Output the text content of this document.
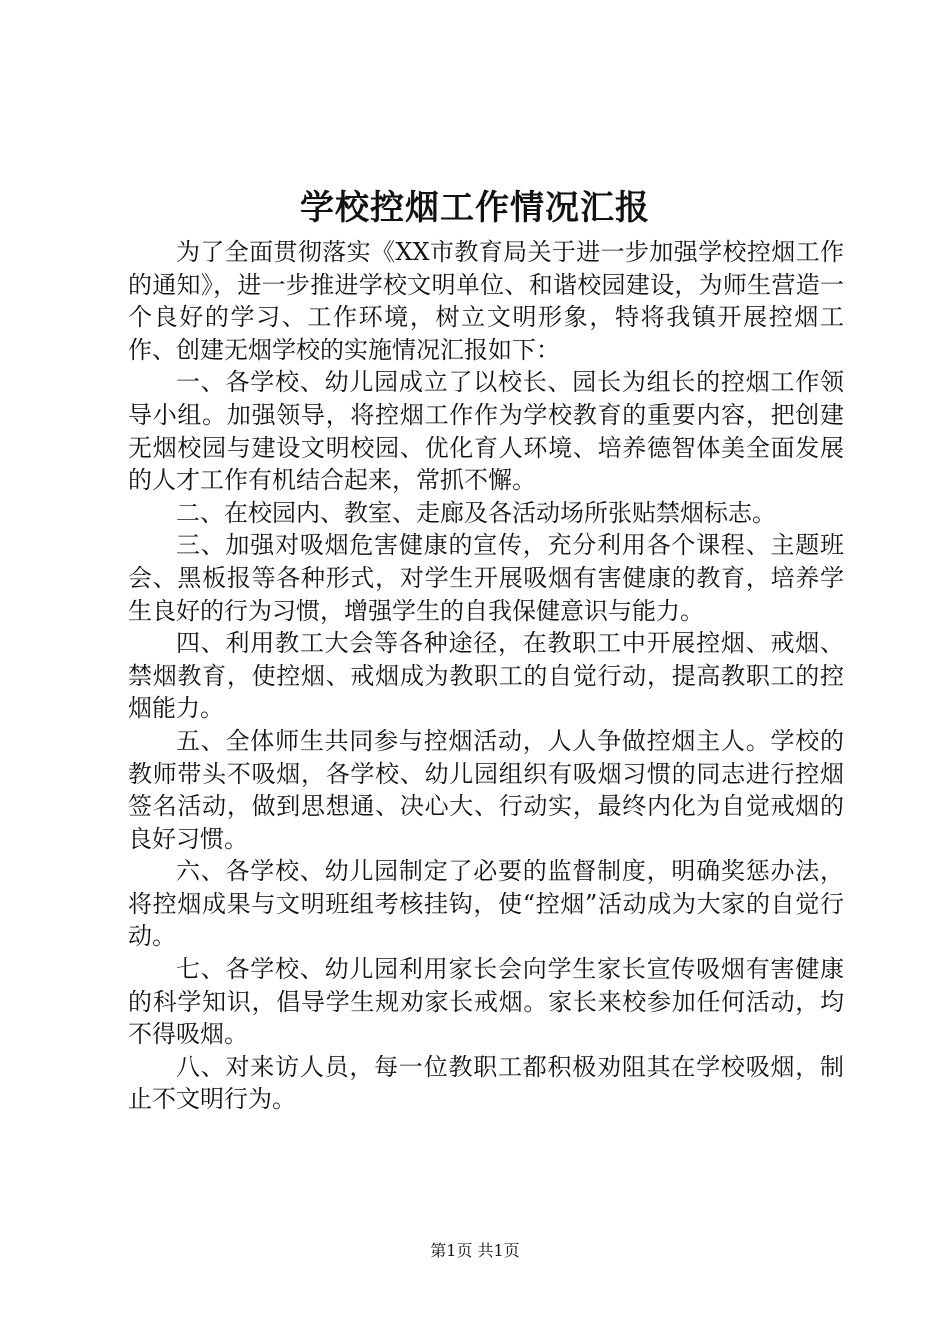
学校控烟工作情况汇报

为了全面贯彻落实《XX市教育局关于进一步加强学校控烟工作的通知》，进一步推进学校文明单位、和谐校园建设，为师生营造一个良好的学习、工作环境，树立文明形象，特将我镇开展控烟工作、创建无烟学校的实施情况汇报如下：

一、各学校、幼儿园成立了以校长、园长为组长的控烟工作领导小组。加强领导，将控烟工作作为学校教育的重要内容，把创建无烟校园与建设文明校园、优化育人环境、培养德智体美全面发展的人才工作有机结合起来，常抓不懈。

二、在校园内、教室、走廊及各活动场所张贴禁烟标志。

三、加强对吸烟危害健康的宣传，充分利用各个课程、主题班会、黑板报等各种形式，对学生开展吸烟有害健康的教育，培养学生良好的行为习惯，增强学生的自我保健意识与能力。

四、利用教工大会等各种途径，在教职工中开展控烟、戒烟、禁烟教育，使控烟、戒烟成为教职工的自觉行动，提高教职工的控烟能力。

五、全体师生共同参与控烟活动，人人争做控烟主人。学校的教师带头不吸烟，各学校、幼儿园组织有吸烟习惯的同志进行控烟签名活动，做到思想通、决心大、行动实，最终内化为自觉戒烟的良好习惯。

六、各学校、幼儿园制定了必要的监督制度，明确奖惩办法，将控烟成果与文明班组考核挂钩，使“控烟”活动成为大家的自觉行动。

七、各学校、幼儿园利用家长会向学生家长宣传吸烟有害健康的科学知识，倡导学生规劝家长戒烟。家长来校参加任何活动，均不得吸烟。

八、对来访人员，每一位教职工都积极劝阻其在学校吸烟，制止不文明行为。

第1页 共1页
